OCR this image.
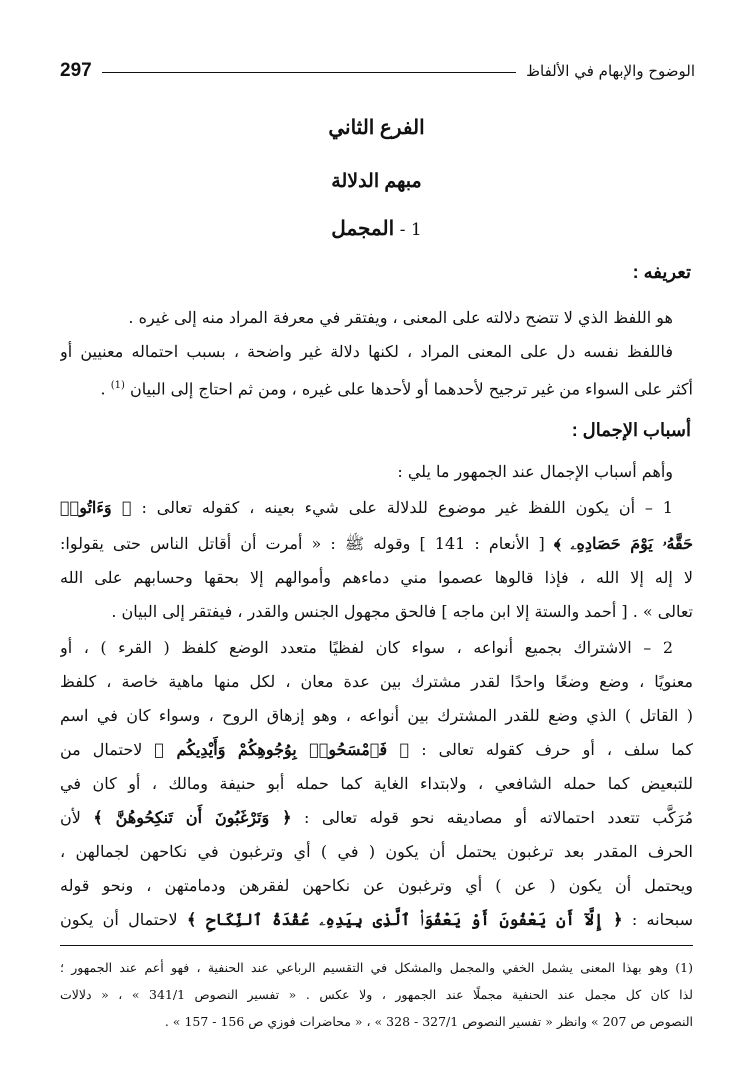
الوضوح والإبهام في الألفاظ
297
الفرع الثاني
مبهم الدلالة
1 - المجمل
تعريفه :
هو اللفظ الذي لا تتضح دلالته على المعنى ، ويفتقر في معرفة المراد منه إلى غيره .
فاللفظ نفسه دل على المعنى المراد ، لكنها دلالة غير واضحة ، بسبب احتماله معنيين أو
أكثر على السواء من غير ترجيح لأحدهما أو لأحدها على غيره ، ومن ثم احتاج إلى البيان $^{(1)}$ .
أسباب الإجمال :
وأهم أسباب الإجمال عند الجمهور ما يلي :
1 – أن يكون اللفظ غير موضوع للدلالة على شيء بعينه ، كقوله تعالى : ﴿ وَءَاتُوا۟
حَقَّهُۥ يَوْمَ حَصَادِهِۦ ﴾ [ الأنعام : 141 ] وقوله ﷺ : « أمرت أن أقاتل الناس حتى يقولوا:
لا إله إلا الله ، فإذا قالوها عصموا مني دماءهم وأموالهم إلا بحقها وحسابهم على الله
تعالى » . [ أحمد والستة إلا ابن ماجه ] فالحق مجهول الجنس والقدر ، فيفتقر إلى البيان .
2 – الاشتراك بجميع أنواعه ، سواء كان لفظيًا متعدد الوضع كلفظ ( القرء ) ، أو
معنويًا ، وضع وضعًا واحدًا لقدر مشترك بين عدة معان ، لكل منها ماهية خاصة ، كلفظ
( القاتل ) الذي وضع للقدر المشترك بين أنواعه ، وهو إزهاق الروح ، وسواء كان في اسم
كما سلف ، أو حرف كقوله تعالى : ﴿ فَٱمْسَحُوا۟ بِوُجُوهِكُمْ وَأَيْدِيكُم ﴾ لاحتمال من
للتبعيض كما حمله الشافعي ، ولابتداء الغاية كما حمله أبو حنيفة ومالك ، أو كان في
مُرَكَّب تتعدد احتمالاته أو مصاديقه نحو قوله تعالى : ﴿ وَتَرْغَبُونَ أَن تَنكِحُوهُنَّ ﴾ لأن
الحرف المقدر بعد ترغبون يحتمل أن يكون ( في ) أي وترغبون في نكاحهن لجمالهن ،
ويحتمل أن يكون ( عن ) أي وترغبون عن نكاحهن لفقرهن ودمامتهن ، ونحو قوله
سبحانه : ﴿ إِلَّآ أَن يَعْفُونَ أَوْ يَعْفُوَا۟ ٱلَّذِى بِيَدِهِۦ عُقْدَةُ ٱلنِّكَاحِ ﴾ لاحتمال أن يكون
(1) وهو بهذا المعنى يشمل الخفي والمجمل والمشكل في التقسيم الرباعي عند الحنفية ، فهو أعم عند الجمهور ؛
لذا كان كل مجمل عند الحنفية مجملًا عند الجمهور ، ولا عكس . « تفسير النصوص 341/1 » ، « دلالات
النصوص ص 207 » وانظر « تفسير النصوص 327/1 - 328 » ، « محاضرات فوزي ص 156 - 157 » .
